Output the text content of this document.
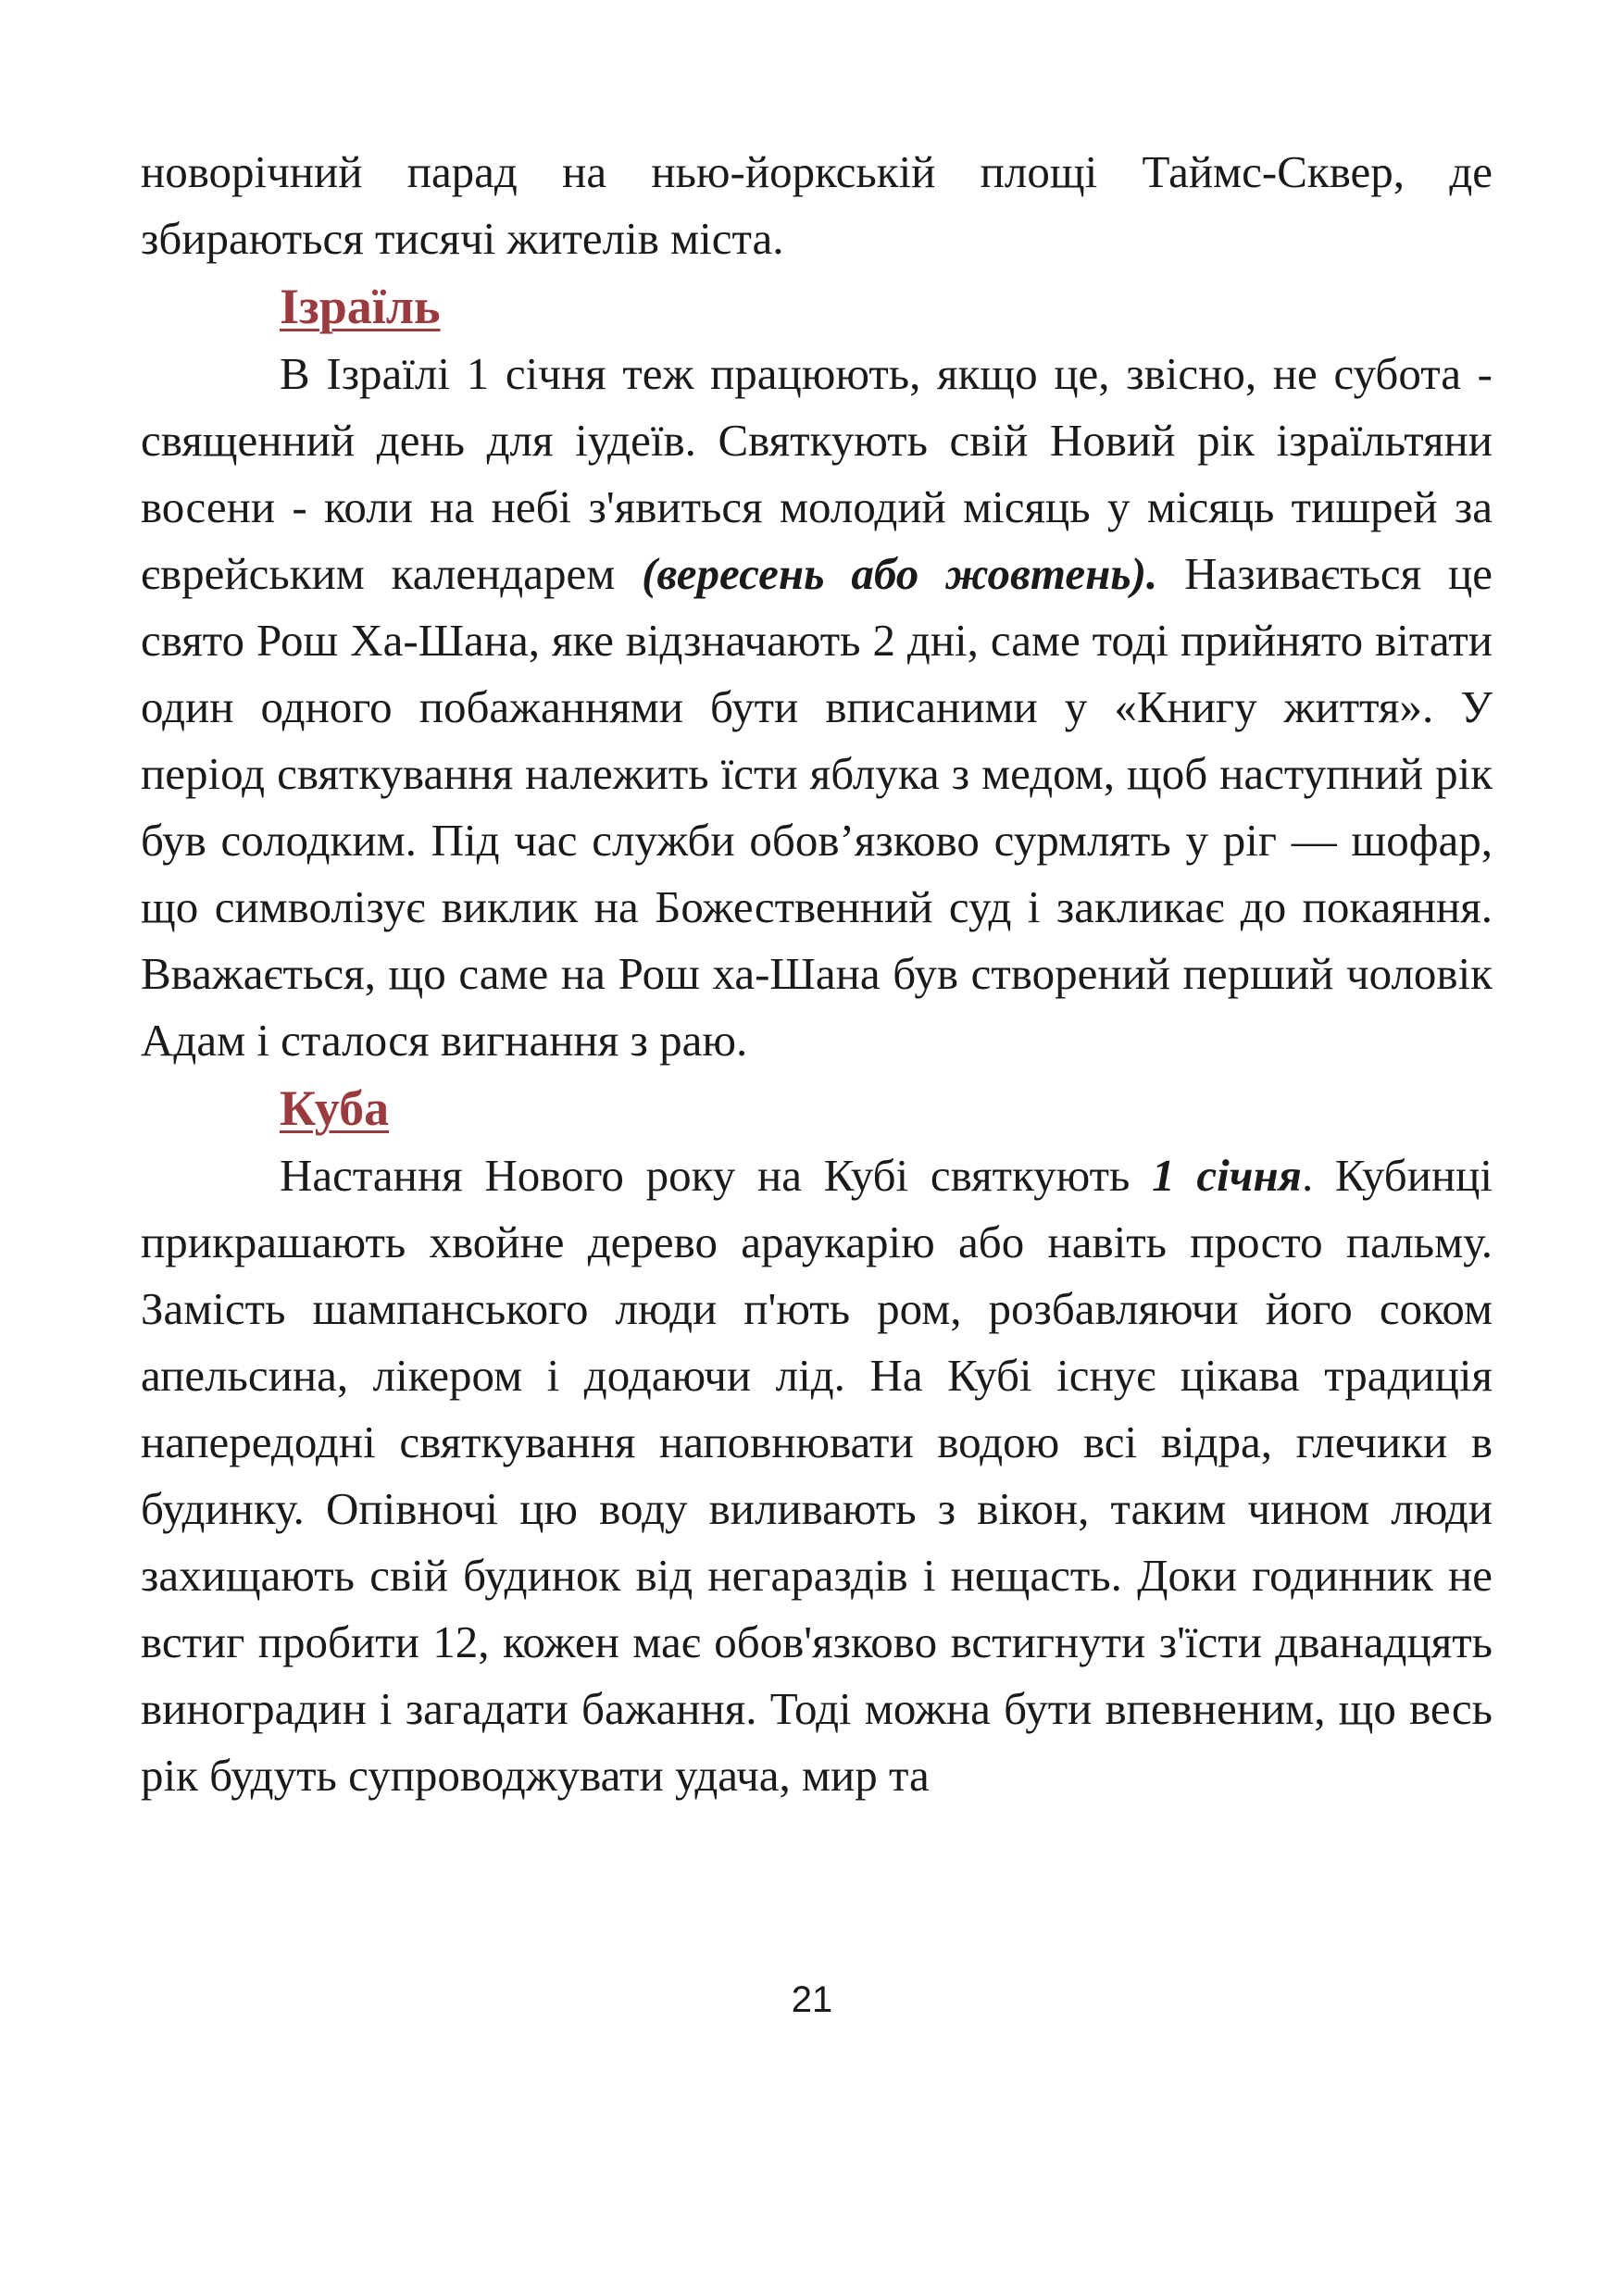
новорічний парад на нью-йоркській площі Таймс-Сквер, де збираються тисячі жителів міста.

Ізраїль

В Ізраїлі 1 січня теж працюють, якщо це, звісно, не субота - священний день для іудеїв. Святкують свій Новий рік ізраїльтяни восени - коли на небі з'явиться молодий місяць у місяць тишрей за єврейським календарем (вересень або жовтень). Називається це свято Рош Ха-Шана, яке відзначають 2 дні, саме тоді прийнято вітати один одного побажаннями бути вписаними у «Книгу життя». У період святкування належить їсти яблука з медом, щоб наступний рік був солодким. Під час служби обов’язково сурмлять у ріг — шофар, що символізує виклик на Божественний суд і закликає до покаяння. Вважається, що саме на Рош ха-Шана був створений перший чоловік Адам і сталося вигнання з раю.

Куба

Настання Нового року на Кубі святкують 1 січня. Кубинці прикрашають хвойне дерево араукарію або навіть просто пальму. Замість шампанського люди п'ють ром, розбавляючи його соком апельсина, лікером і додаючи лід. На Кубі існує цікава традиція напередодні святкування наповнювати водою всі відра, глечики в будинку. Опівночі цю воду виливають з вікон, таким чином люди захищають свій будинок від негараздів і нещасть. Доки годинник не встиг пробити 12, кожен має обов'язково встигнути з'їсти дванадцять виноградин і загадати бажання. Тоді можна бути впевненим, що весь рік будуть супроводжувати удача, мир та

21
